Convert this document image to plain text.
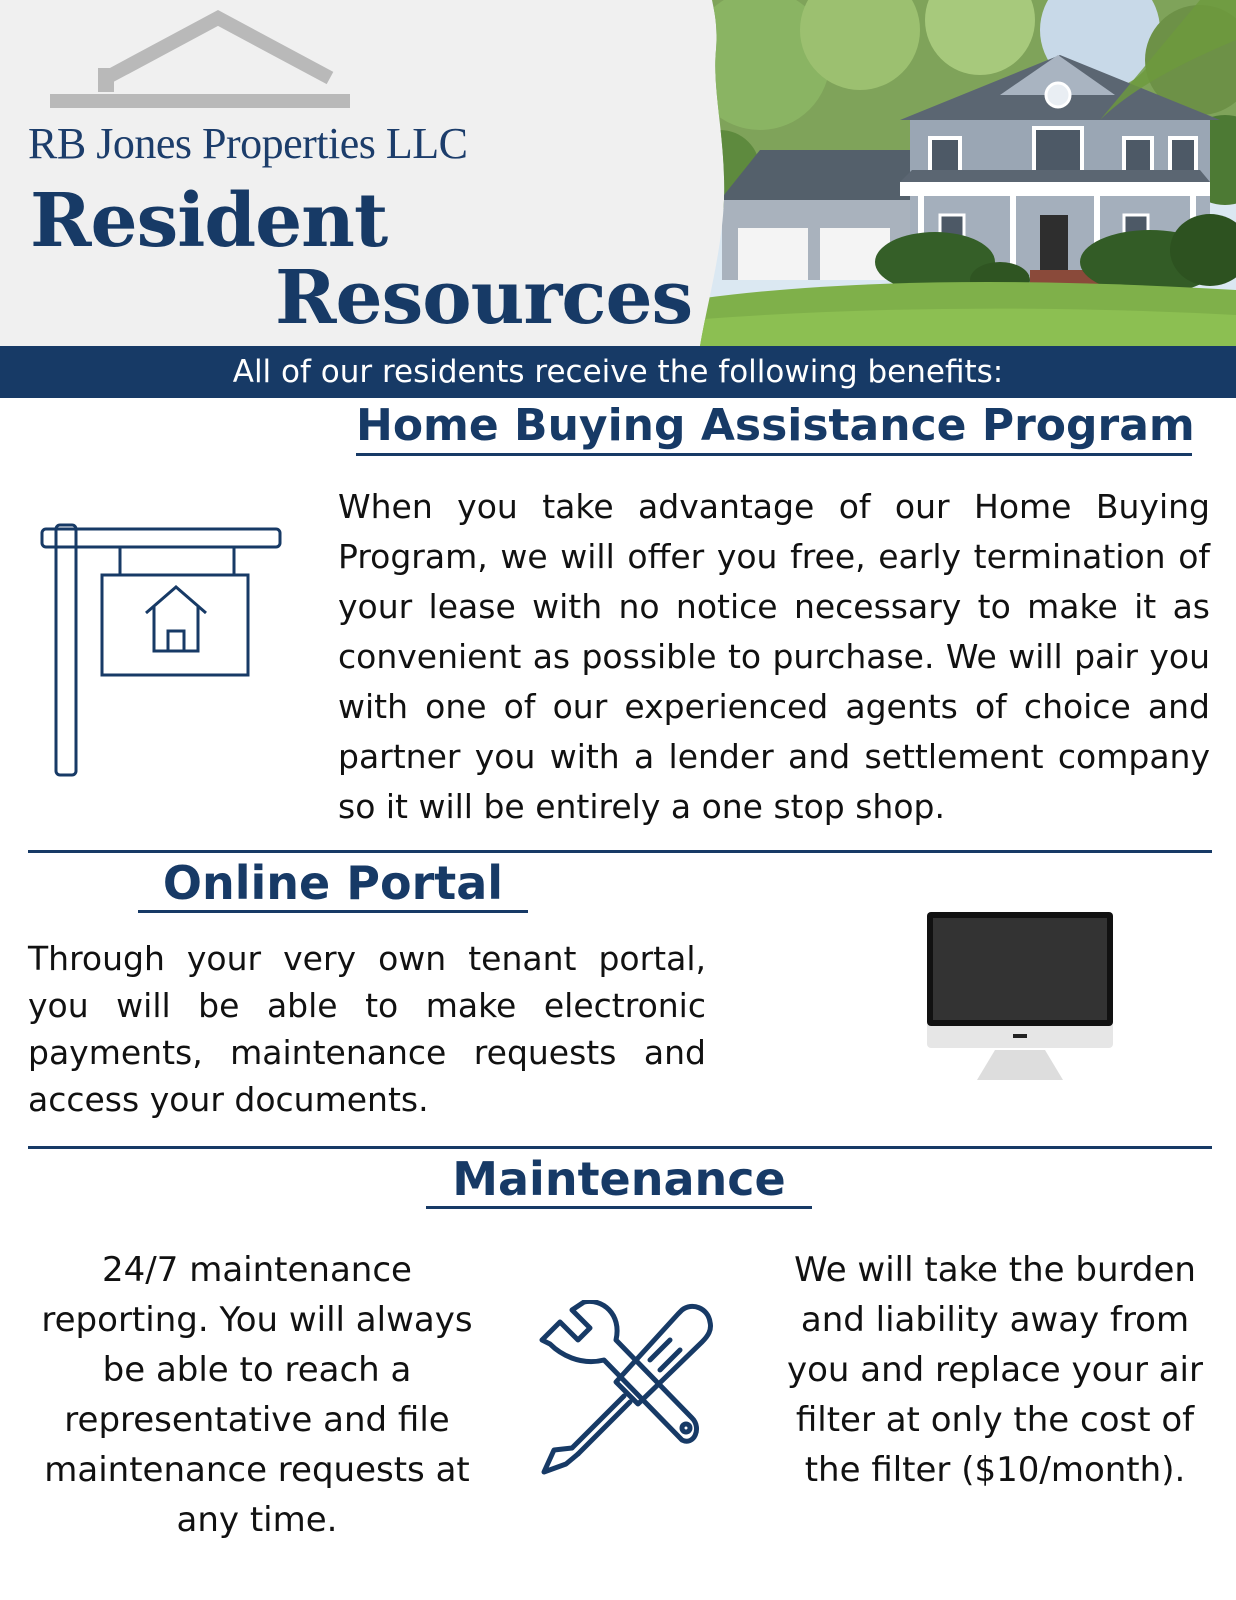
RB Jones Properties LLC
Resident
Resources
All of our residents receive the following benefits:
Home Buying Assistance Program

When you take advantage of our Home Buying Program, we will offer you free, early termination of your lease with no notice necessary to make it as convenient as possible to purchase. We will pair you with one of our experienced agents of choice and partner you with a lender and settlement company so it will be entirely a one stop shop.

Online Portal

Through your very own tenant portal, you will be able to make electronic payments, maintenance requests and access your documents.

Maintenance

24/7 maintenance reporting. You will always be able to reach a representative and file maintenance requests at any time.

We will take the burden and liability away from you and replace your air filter at only the cost of the filter ($10/month).
